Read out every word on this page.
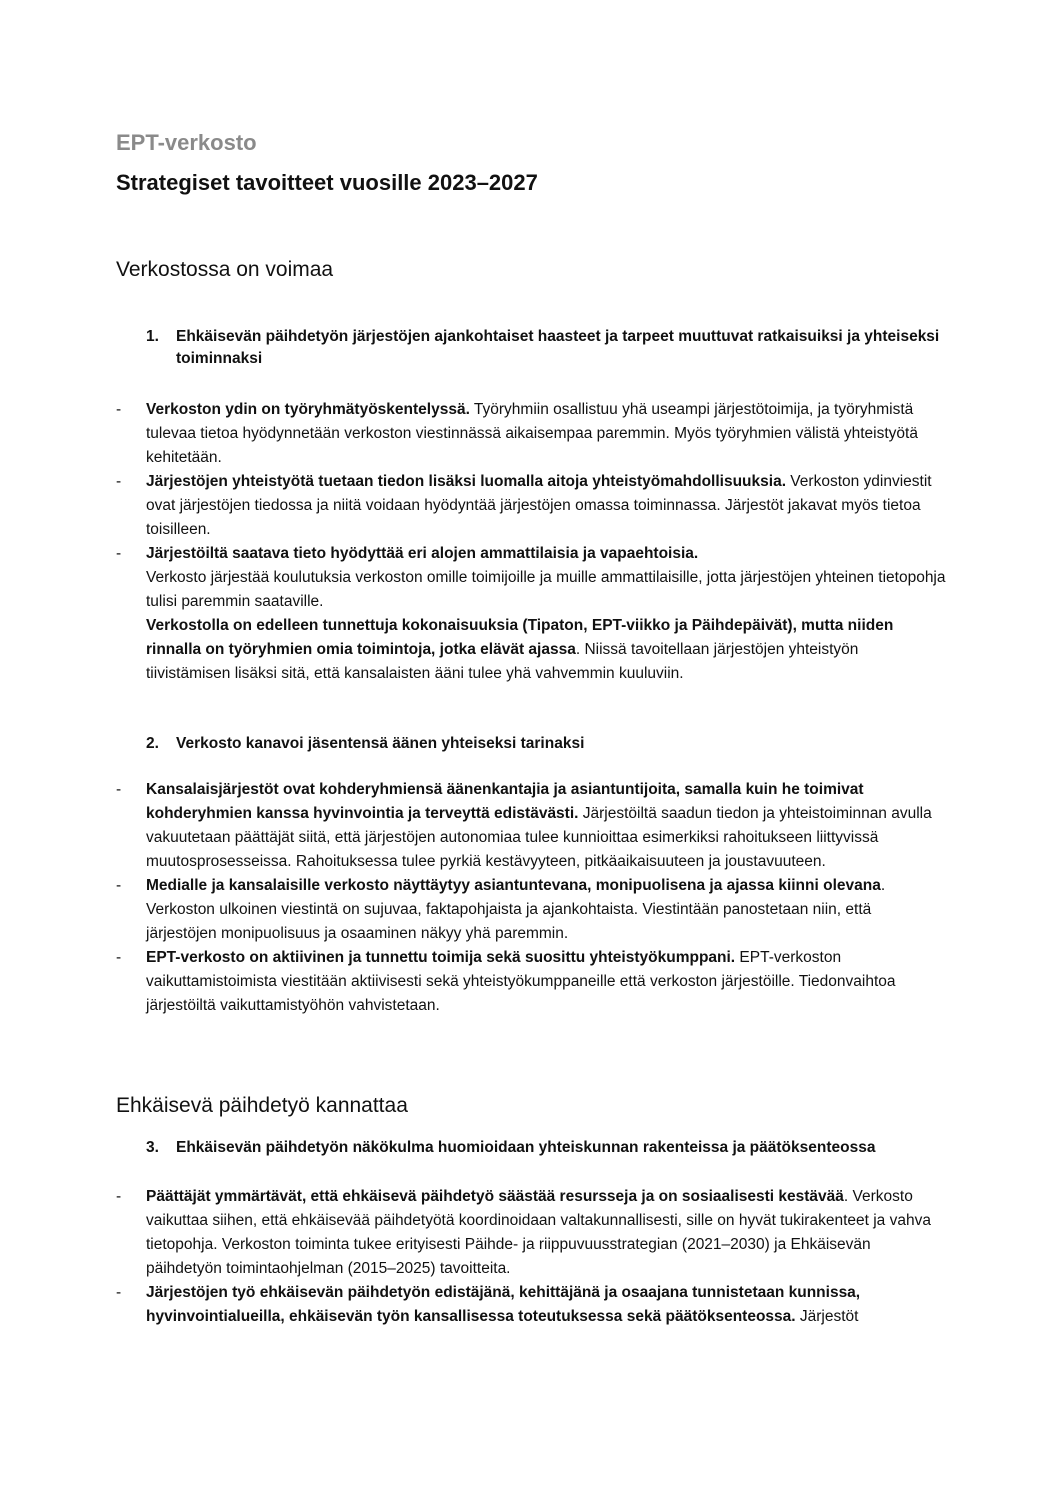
EPT-verkosto
Strategiset tavoitteet vuosille 2023–2027
Verkostossa on voimaa
1.	Ehkäisevän päihdetyön järjestöjen ajankohtaiset haasteet ja tarpeet muuttuvat ratkaisuiksi ja yhteiseksi toiminnaksi
-	Verkoston ydin on työryhmätyöskentelyssä. Työryhmiin osallistuu yhä useampi järjestötoimija, ja työryhmistä tulevaa tietoa hyödynnetään verkoston viestinnässä aikaisempaa paremmin. Myös työryhmien välistä yhteistyötä kehitetään.
-	Järjestöjen yhteistyötä tuetaan tiedon lisäksi luomalla aitoja yhteistyömahdollisuuksia. Verkoston ydinviestit ovat järjestöjen tiedossa ja niitä voidaan hyödyntää järjestöjen omassa toiminnassa. Järjestöt jakavat myös tietoa toisilleen.
-	Järjestöiltä saatava tieto hyödyttää eri alojen ammattilaisia ja vapaehtoisia.
Verkosto järjestää koulutuksia verkoston omille toimijoille ja muille ammattilaisille, jotta järjestöjen yhteinen tietopohja tulisi paremmin saataville.
Verkostolla on edelleen tunnettuja kokonaisuuksia (Tipaton, EPT-viikko ja Päihdepäivät), mutta niiden rinnalla on työryhmien omia toimintoja, jotka elävät ajassa. Niissä tavoitellaan järjestöjen yhteistyön tiivistämisen lisäksi sitä, että kansalaisten ääni tulee yhä vahvemmin kuuluviin.
2.	Verkosto kanavoi jäsentensä äänen yhteiseksi tarinaksi
-	Kansalaisjärjestöt ovat kohderyhmiensä äänenkantajia ja asiantuntijoita, samalla kuin he toimivat kohderyhmien kanssa hyvinvointia ja terveyttä edistävästi. Järjestöiltä saadun tiedon ja yhteistoiminnan avulla vakuutetaan päättäjät siitä, että järjestöjen autonomiaa tulee kunnioittaa esimerkiksi rahoitukseen liittyvissä muutosprosesseissa. Rahoituksessa tulee pyrkiä kestävyyteen, pitkäaikaisuuteen ja joustavuuteen.
-	Medialle ja kansalaisille verkosto näyttäytyy asiantuntevana, monipuolisena ja ajassa kiinni olevana. Verkoston ulkoinen viestintä on sujuvaa, faktapohjaista ja ajankohtaista. Viestintään panostetaan niin, että järjestöjen monipuolisuus ja osaaminen näkyy yhä paremmin.
-	EPT-verkosto on aktiivinen ja tunnettu toimija sekä suosittu yhteistyökumppani. EPT-verkoston vaikuttamistoimista viestitään aktiivisesti sekä yhteistyökumppaneille että verkoston järjestöille. Tiedonvaihtoa järjestöiltä vaikuttamistyöhön vahvistetaan.
Ehkäisevä päihdetyö kannattaa
3.	Ehkäisevän päihdetyön näkökulma huomioidaan yhteiskunnan rakenteissa ja päätöksenteossa
-	Päättäjät ymmärtävät, että ehkäisevä päihdetyö säästää resursseja ja on sosiaalisesti kestävää. Verkosto vaikuttaa siihen, että ehkäisevää päihdetyötä koordinoidaan valtakunnallisesti, sille on hyvät tukirakenteet ja vahva tietopohja. Verkoston toiminta tukee erityisesti Päihde- ja riippuvuusstrategian (2021–2030) ja Ehkäisevän päihdetyön toimintaohjelman (2015–2025) tavoitteita.
-	Järjestöjen työ ehkäisevän päihdetyön edistäjänä, kehittäjänä ja osaajana tunnistetaan kunnissa, hyvinvointialueilla, ehkäisevän työn kansallisessa toteutuksessa sekä päätöksenteossa. Järjestöt
